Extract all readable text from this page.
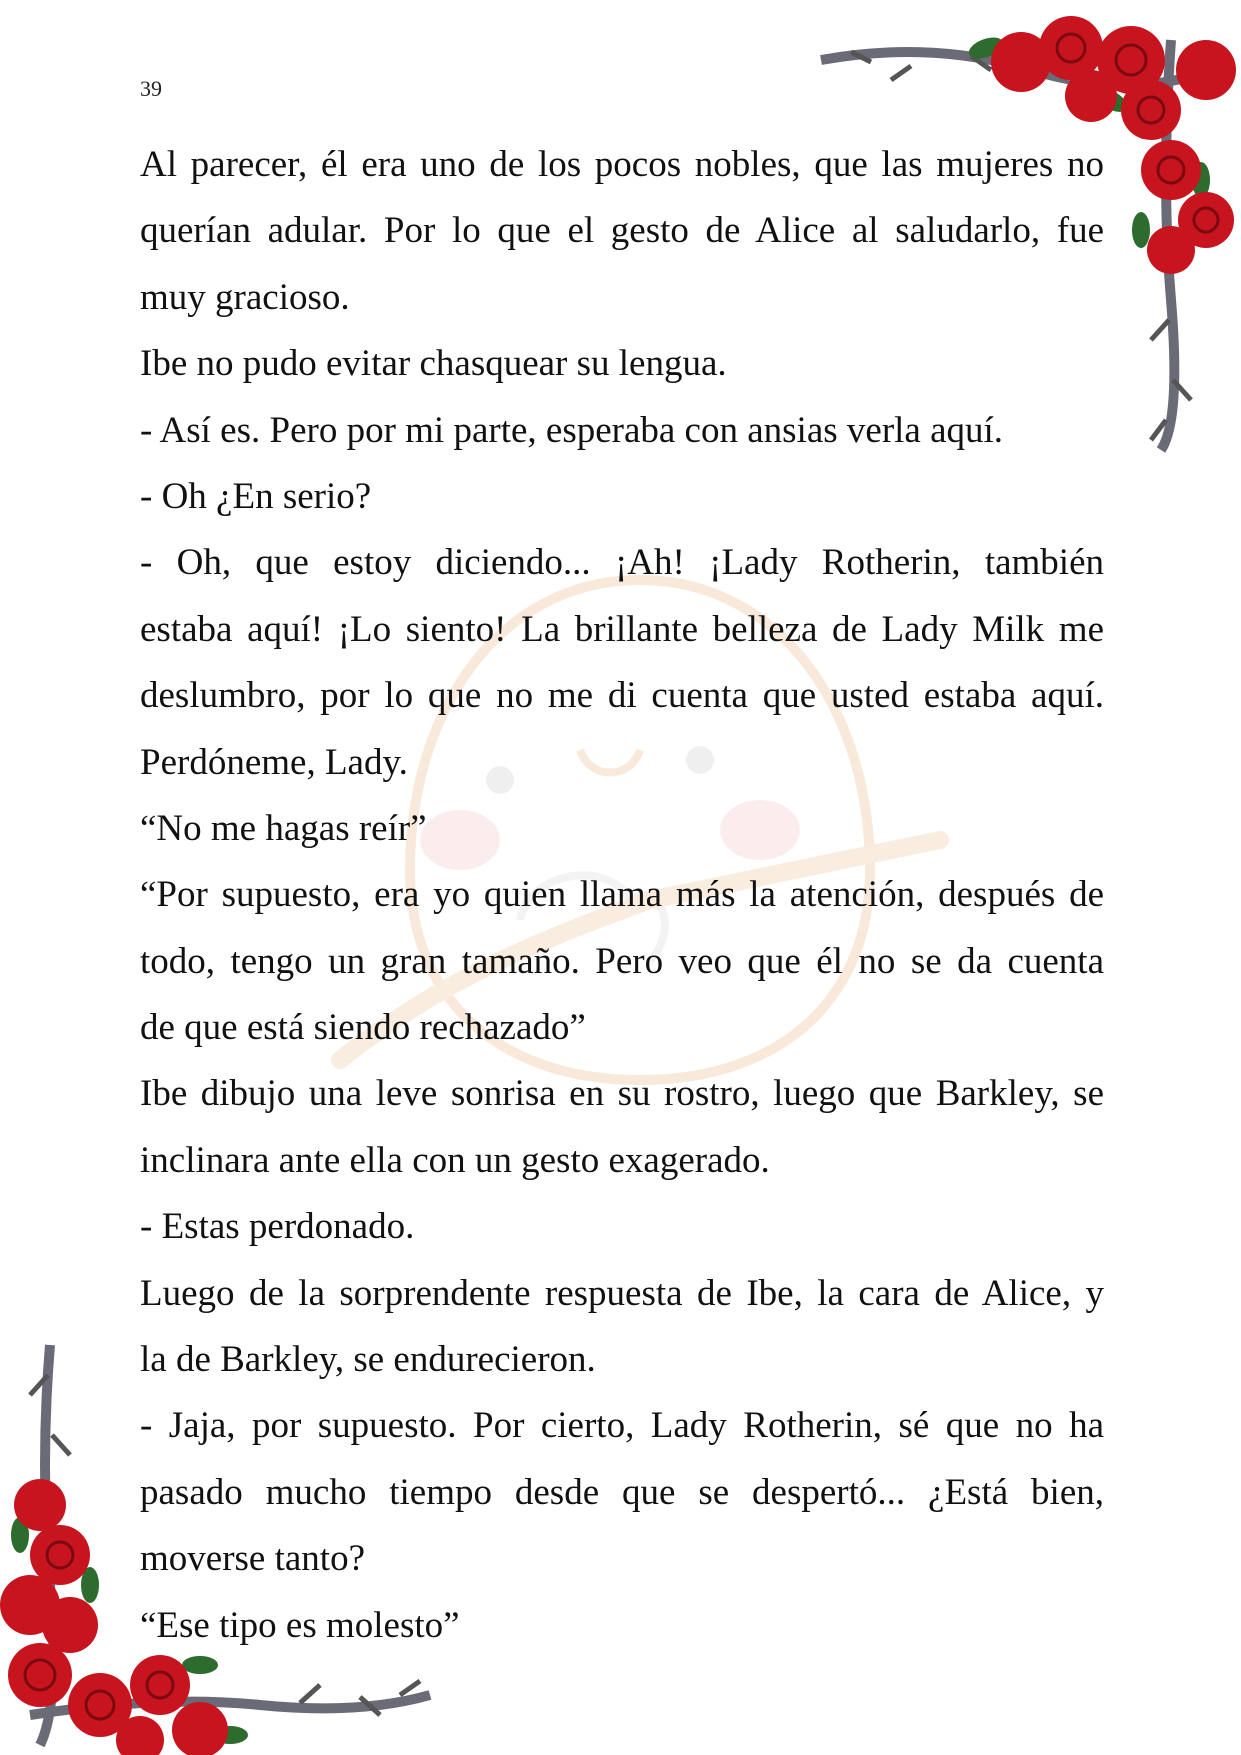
39
Al parecer, él era uno de los pocos nobles, que las mujeres no
querían adular. Por lo que el gesto de Alice al saludarlo, fue
muy gracioso.
Ibe no pudo evitar chasquear su lengua.
- Así es. Pero por mi parte, esperaba con ansias verla aquí.
- Oh ¿En serio?
- Oh, que estoy diciendo... ¡Ah! ¡Lady Rotherin, también
estaba aquí! ¡Lo siento! La brillante belleza de Lady Milk me
deslumbro, por lo que no me di cuenta que usted estaba aquí.
Perdóneme, Lady.
“No me hagas reír”
“Por supuesto, era yo quien llama más la atención, después de
todo, tengo un gran tamaño. Pero veo que él no se da cuenta
de que está siendo rechazado”
Ibe dibujo una leve sonrisa en su rostro, luego que Barkley, se
inclinara ante ella con un gesto exagerado.
- Estas perdonado.
Luego de la sorprendente respuesta de Ibe, la cara de Alice, y
la de Barkley, se endurecieron.
- Jaja, por supuesto. Por cierto, Lady Rotherin, sé que no ha
pasado mucho tiempo desde que se despertó... ¿Está bien,
moverse tanto?
“Ese tipo es molesto”
